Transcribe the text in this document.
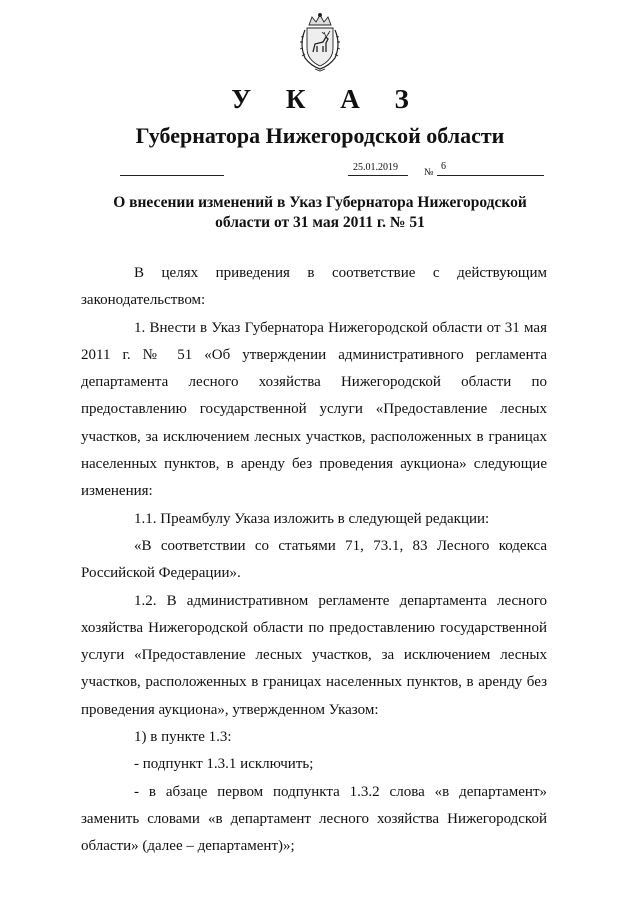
У К А З
Губернатора Нижегородской области
25.01.2019	№
6
О внесении изменений в Указ Губернатора Нижегородской
области от 31 мая 2011 г. № 51

В целях приведения в соответствие с действующим законодательством:

1. Внести в Указ Губернатора Нижегородской области от 31 мая 2011 г. № 51 «Об утверждении административного регламента департамента лесного хозяйства Нижегородской области по предоставлению государственной услуги «Предоставление лесных участков, за исключением лесных участков, расположенных в границах населенных пунктов, в аренду без проведения аукциона» следующие изменения:

1.1. Преамбулу Указа изложить в следующей редакции:

«В соответствии со статьями 71, 73.1, 83 Лесного кодекса Российской Федерации».

1.2. В административном регламенте департамента лесного хозяйства Нижегородской области по предоставлению государственной услуги «Предоставление лесных участков, за исключением лесных участков, расположенных в границах населенных пунктов, в аренду без проведения аукциона», утвержденном Указом:

1) в пункте 1.3:

- подпункт 1.3.1 исключить;

- в абзаце первом подпункта 1.3.2 слова «в департамент» заменить словами «в департамент лесного хозяйства Нижегородской области» (далее – департамент)»;
